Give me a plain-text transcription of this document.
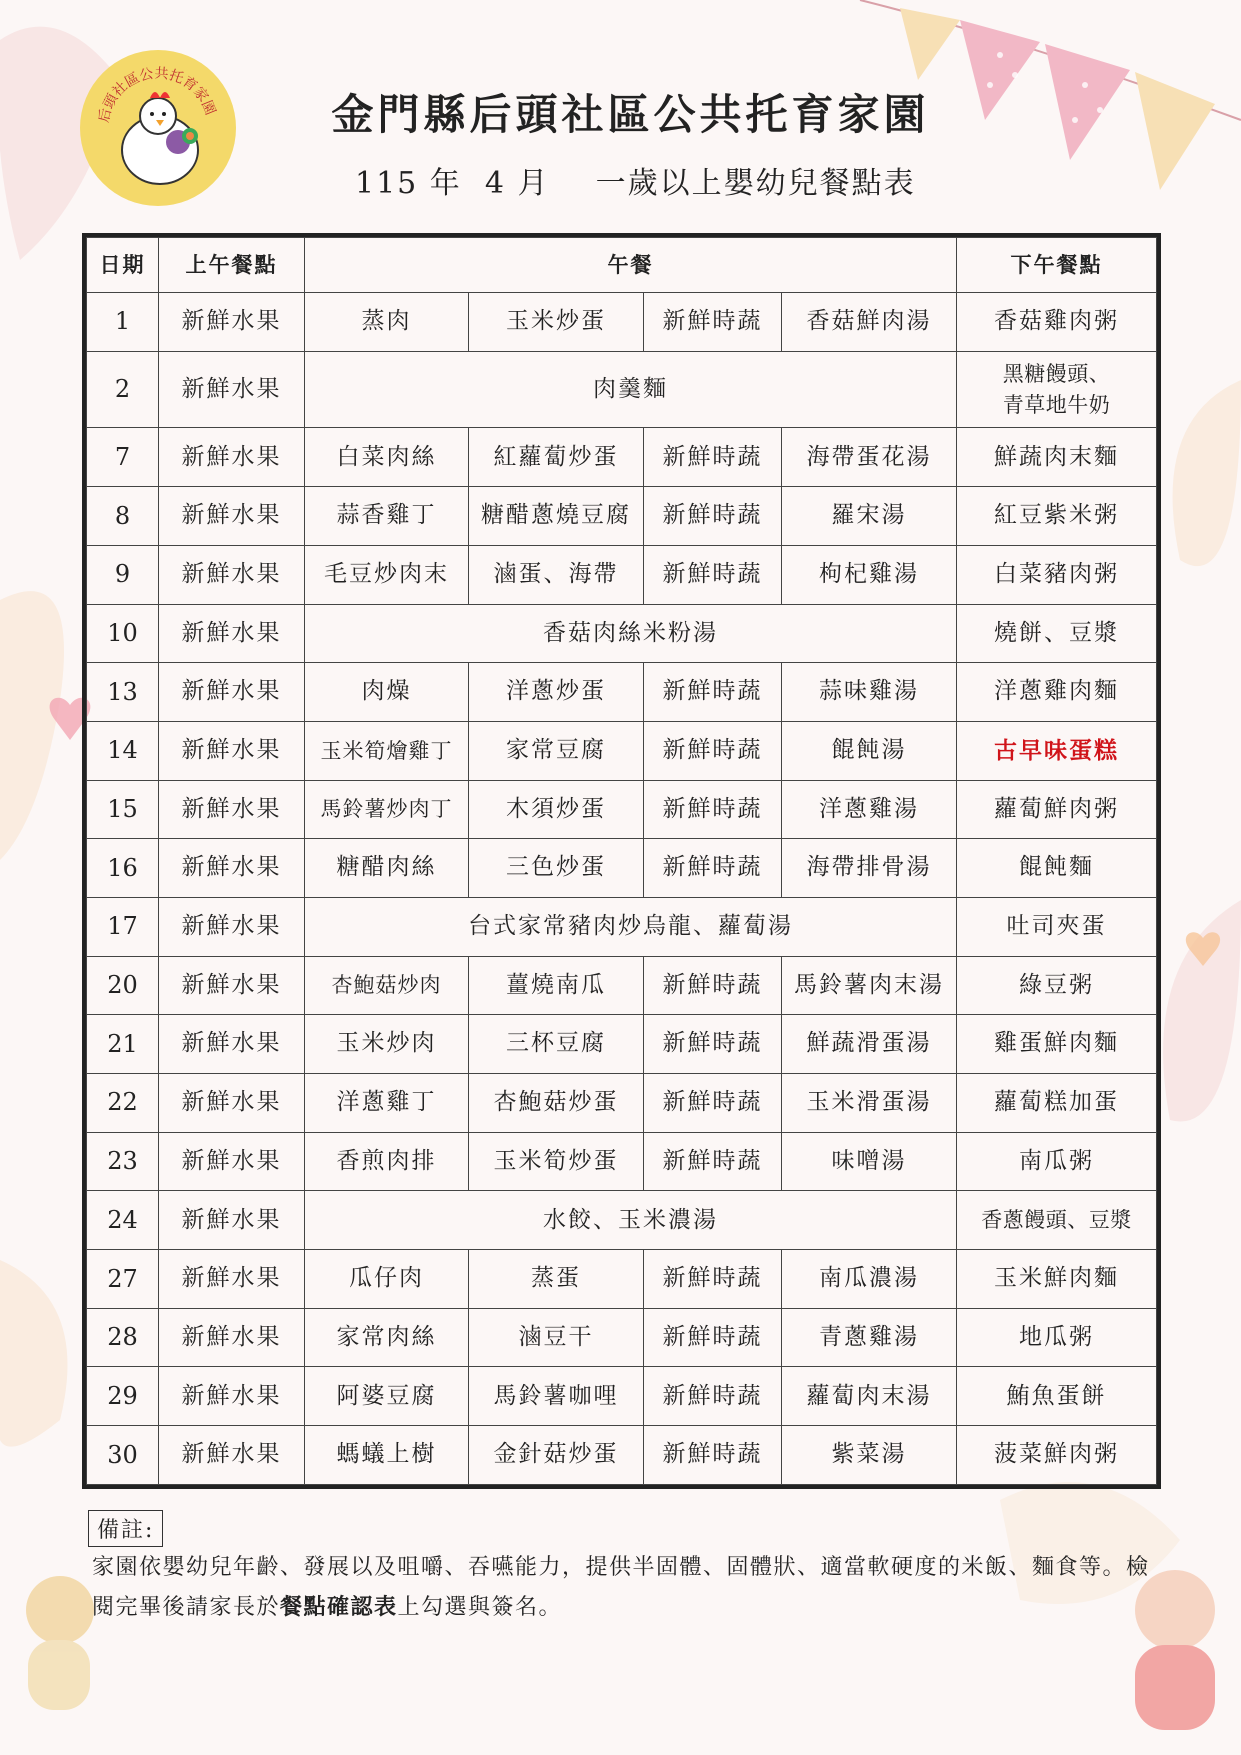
后頭社區公共托育家園	金門縣后頭社區公共托育家園
115 年  4 月    一歲以上嬰幼兒餐點表
日期	上午餐點	午餐				下午餐點
1	新鮮水果	蒸肉	玉米炒蛋	新鮮時蔬	香菇鮮肉湯	香菇雞肉粥
2	新鮮水果	肉羹麵				黑糖饅頭、
青草地牛奶
7	新鮮水果	白菜肉絲	紅蘿蔔炒蛋	新鮮時蔬	海帶蛋花湯	鮮蔬肉末麵
8	新鮮水果	蒜香雞丁	糖醋蔥燒豆腐	新鮮時蔬	羅宋湯	紅豆紫米粥
9	新鮮水果	毛豆炒肉末	滷蛋、海帶	新鮮時蔬	枸杞雞湯	白菜豬肉粥
10	新鮮水果	香菇肉絲米粉湯				燒餅、豆漿
13	新鮮水果	肉燥	洋蔥炒蛋	新鮮時蔬	蒜味雞湯	洋蔥雞肉麵
14	新鮮水果	玉米筍燴雞丁	家常豆腐	新鮮時蔬	餛飩湯	古早味蛋糕
15	新鮮水果	馬鈴薯炒肉丁	木須炒蛋	新鮮時蔬	洋蔥雞湯	蘿蔔鮮肉粥
16	新鮮水果	糖醋肉絲	三色炒蛋	新鮮時蔬	海帶排骨湯	餛飩麵
17	新鮮水果	台式家常豬肉炒烏龍、蘿蔔湯				吐司夾蛋
20	新鮮水果	杏鮑菇炒肉	薑燒南瓜	新鮮時蔬	馬鈴薯肉末湯	綠豆粥
21	新鮮水果	玉米炒肉	三杯豆腐	新鮮時蔬	鮮蔬滑蛋湯	雞蛋鮮肉麵
22	新鮮水果	洋蔥雞丁	杏鮑菇炒蛋	新鮮時蔬	玉米滑蛋湯	蘿蔔糕加蛋
23	新鮮水果	香煎肉排	玉米筍炒蛋	新鮮時蔬	味噌湯	南瓜粥
24	新鮮水果	水餃、玉米濃湯				香蔥饅頭、豆漿
27	新鮮水果	瓜仔肉	蒸蛋	新鮮時蔬	南瓜濃湯	玉米鮮肉麵
28	新鮮水果	家常肉絲	滷豆干	新鮮時蔬	青蔥雞湯	地瓜粥
29	新鮮水果	阿婆豆腐	馬鈴薯咖哩	新鮮時蔬	蘿蔔肉末湯	鮪魚蛋餅
30	新鮮水果	螞蟻上樹	金針菇炒蛋	新鮮時蔬	紫菜湯	菠菜鮮肉粥
備註:
家園依嬰幼兒年齡、發展以及咀嚼、吞嚥能力，提供半固體、固體狀、適當軟硬度的米飯、麵食等。檢閱完畢後請家長於餐點確認表上勾選與簽名。
